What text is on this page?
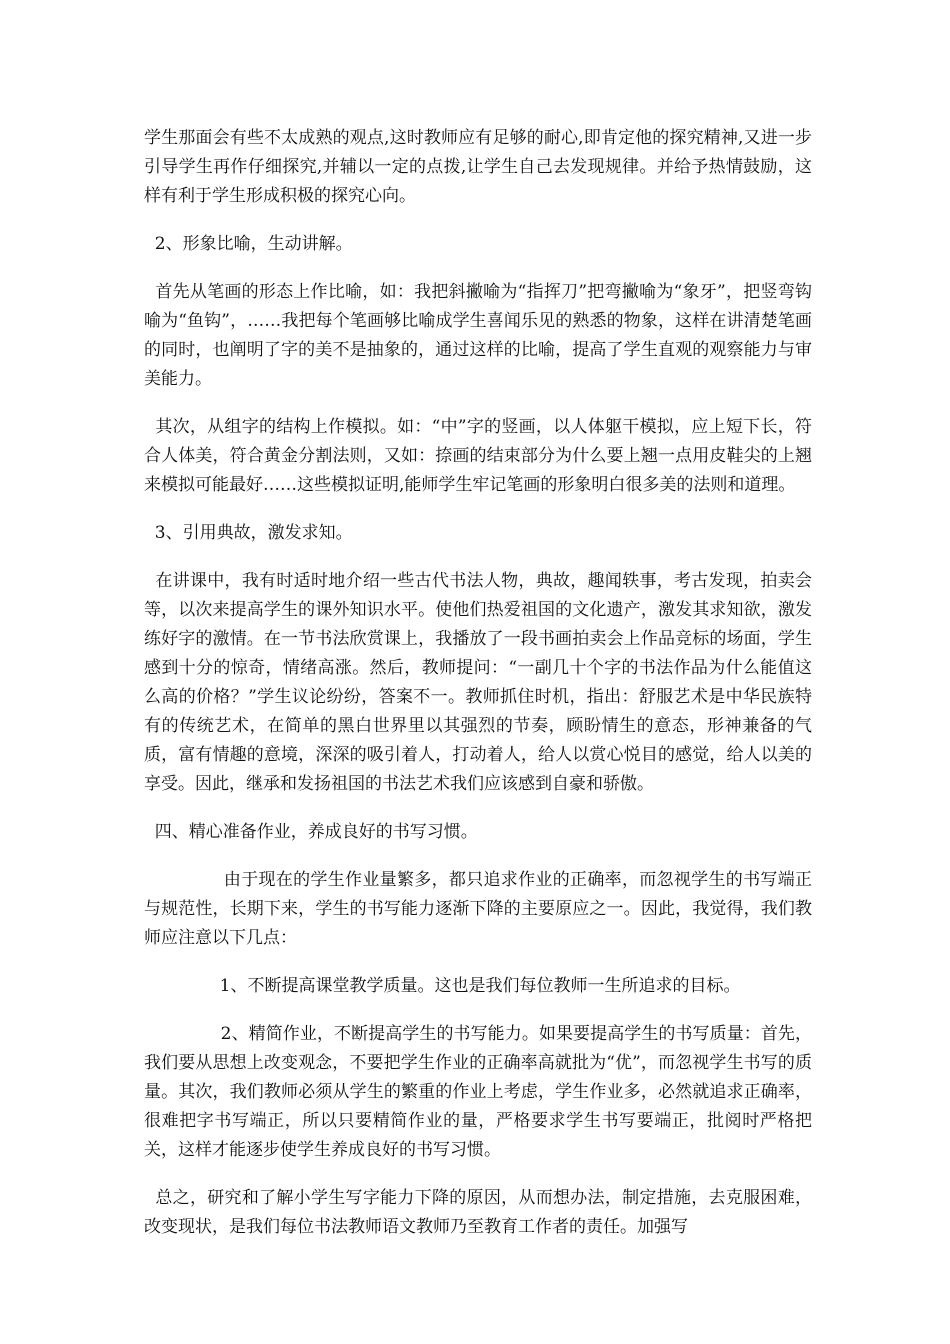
学生那面会有些不太成熟的观点,这时教师应有足够的耐心,即肯定他的探究精神,又进一步引导学生再作仔细探究,并辅以一定的点拨,让学生自己去发现规律。并给予热情鼓励，这样有利于学生形成积极的探究心向。

2、形象比喻，生动讲解。

首先从笔画的形态上作比喻，如：我把斜撇喻为“指挥刀”把弯撇喻为“象牙”，把竖弯钩喻为“鱼钩”，……我把每个笔画够比喻成学生喜闻乐见的熟悉的物象，这样在讲清楚笔画的同时，也阐明了字的美不是抽象的，通过这样的比喻，提高了学生直观的观察能力与审美能力。

其次，从组字的结构上作模拟。如：“中”字的竖画，以人体躯干模拟，应上短下长，符合人体美，符合黄金分割法则，又如：捺画的结束部分为什么要上翘一点用皮鞋尖的上翘来模拟可能最好……这些模拟证明,能师学生牢记笔画的形象明白很多美的法则和道理。

3、引用典故，激发求知。

在讲课中，我有时适时地介绍一些古代书法人物，典故，趣闻轶事，考古发现，拍卖会等，以次来提高学生的课外知识水平。使他们热爱祖国的文化遗产，激发其求知欲，激发练好字的激情。在一节书法欣赏课上，我播放了一段书画拍卖会上作品竞标的场面，学生感到十分的惊奇，情绪高涨。然后，教师提问：“一副几十个字的书法作品为什么能值这么高的价格？”学生议论纷纷，答案不一。教师抓住时机，指出：舒服艺术是中华民族特有的传统艺术，在简单的黑白世界里以其强烈的节奏，顾盼情生的意态，形神兼备的气质，富有情趣的意境，深深的吸引着人，打动着人，给人以赏心悦目的感觉，给人以美的享受。因此，继承和发扬祖国的书法艺术我们应该感到自豪和骄傲。

四、精心准备作业，养成良好的书写习惯。

由于现在的学生作业量繁多，都只追求作业的正确率，而忽视学生的书写端正与规范性，长期下来，学生的书写能力逐渐下降的主要原应之一。因此，我觉得，我们教师应注意以下几点：

1、不断提高课堂教学质量。这也是我们每位教师一生所追求的目标。

2、精简作业，不断提高学生的书写能力。如果要提高学生的书写质量：首先，我们要从思想上改变观念，不要把学生作业的正确率高就批为“优”，而忽视学生书写的质量。其次，我们教师必须从学生的繁重的作业上考虑，学生作业多，必然就追求正确率，很难把字书写端正，所以只要精简作业的量，严格要求学生书写要端正，批阅时严格把关，这样才能逐步使学生养成良好的书写习惯。

总之，研究和了解小学生写字能力下降的原因，从而想办法，制定措施，去克服困难，改变现状，是我们每位书法教师语文教师乃至教育工作者的责任。加强写
